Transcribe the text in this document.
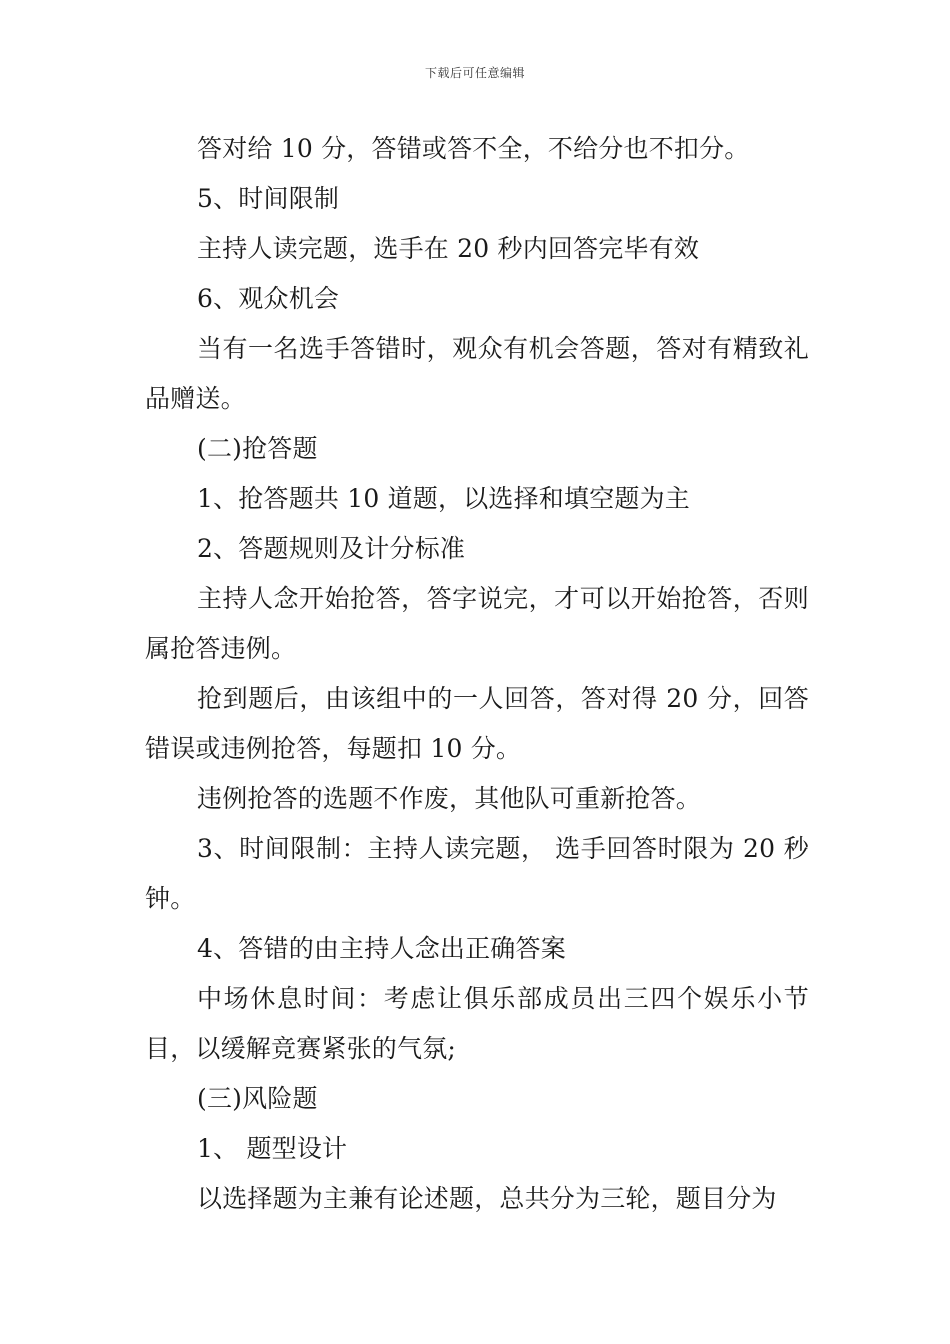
下载后可任意编辑

答对给 10 分，答错或答不全，不给分也不扣分。

5、时间限制

主持人读完题，选手在 20 秒内回答完毕有效

6、观众机会

当有一名选手答错时，观众有机会答题，答对有精致礼品赠送。

(二)抢答题

1、抢答题共 10 道题，以选择和填空题为主

2、答题规则及计分标准

主持人念开始抢答，答字说完，才可以开始抢答，否则属抢答违例。

抢到题后，由该组中的一人回答，答对得 20 分，回答错误或违例抢答，每题扣 10 分。

违例抢答的选题不作废，其他队可重新抢答。

3、时间限制：主持人读完题， 选手回答时限为 20 秒钟。

4、答错的由主持人念出正确答案

中场休息时间：考虑让俱乐部成员出三四个娱乐小节目，以缓解竞赛紧张的气氛;

(三)风险题

1、 题型设计

以选择题为主兼有论述题，总共分为三轮，题目分为
